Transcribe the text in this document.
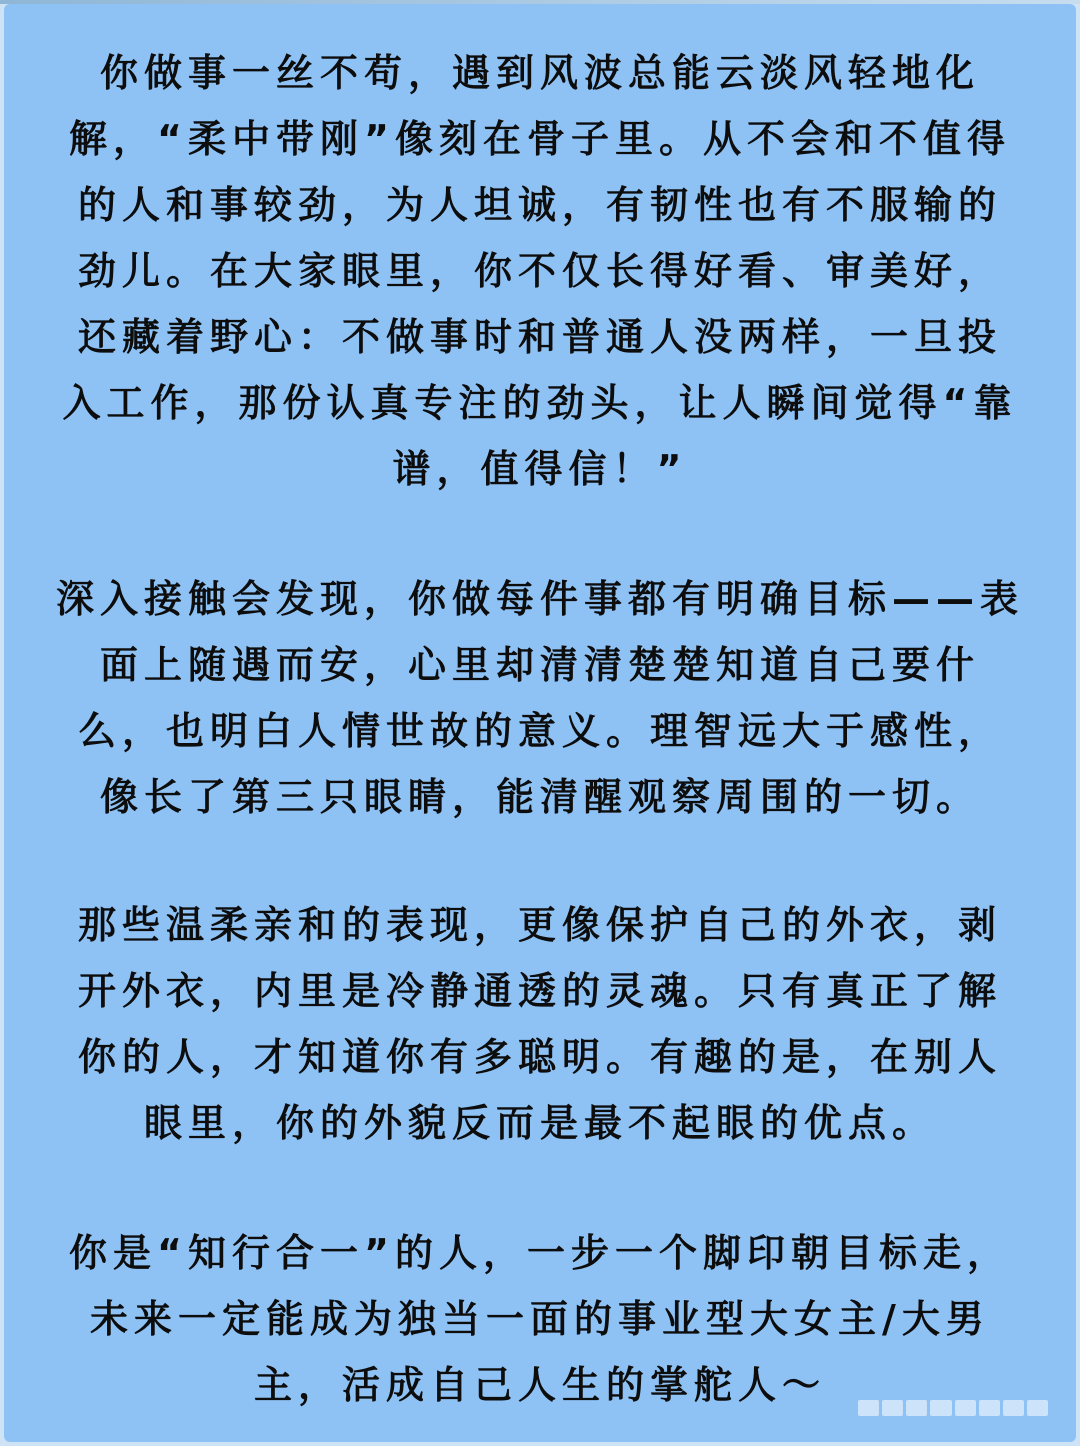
你做事一丝不苟，遇到风波总能云淡风轻地化
解，“柔中带刚”像刻在骨子里。从不会和不值得
的人和事较劲，为人坦诚，有韧性也有不服输的
劲儿。在大家眼里，你不仅长得好看、审美好，
还藏着野心：不做事时和普通人没两样，一旦投
入工作，那份认真专注的劲头，让人瞬间觉得“靠
谱，值得信！”

深入接触会发现，你做每件事都有明确目标——表
面上随遇而安，心里却清清楚楚知道自己要什
么，也明白人情世故的意义。理智远大于感性，
像长了第三只眼睛，能清醒观察周围的一切。

那些温柔亲和的表现，更像保护自己的外衣，剥
开外衣，内里是冷静通透的灵魂。只有真正了解
你的人，才知道你有多聪明。有趣的是，在别人
眼里，你的外貌反而是最不起眼的优点。

你是“知行合一”的人，一步一个脚印朝目标走，
未来一定能成为独当一面的事业型大女主/大男
主，活成自己人生的掌舵人～
